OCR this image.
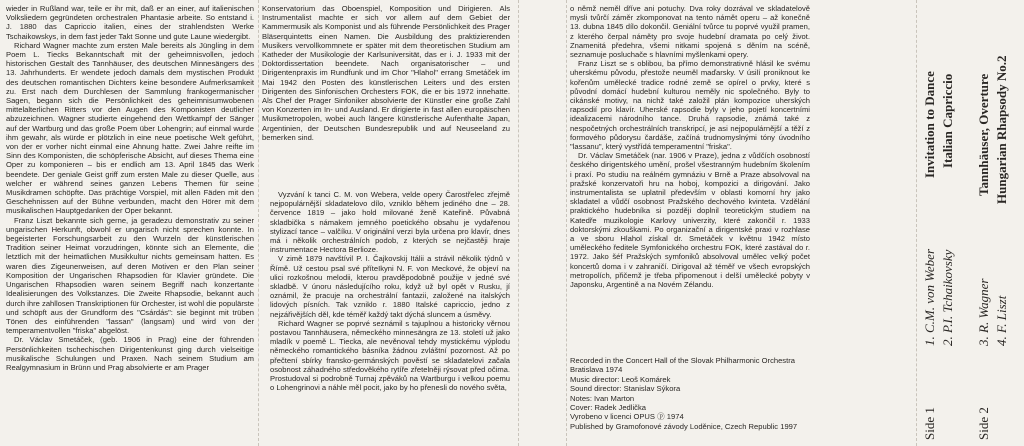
wieder in Rußland war, teile er ihr mit, daß er an einer, auf italienischen Volksliedern gegründeten orchestralen Phantasie arbeite. So entstand i. J. 1880 das Capriccio italien, eines der strahlendsten Werke Tschaikowskys, in dem fast jeder Takt Sonne und gute Laune wiedergibt.

Richard Wagner machte zum ersten Male bereits als Jüngling in dem Poem L. Tiecks Bekanntschaft mit der geheimnisvollen, jedoch historischen Gestalt des Tannhäuser, des deutschen Minnesängers des 13. Jahrhunderts. Er wendete jedoch damals dem mystischen Produkt des deutschen romantischen Dichters keine besondere Aufmerksamkeit zu. Erst nach dem Durchlesen der Sammlung frankogermanischer Sagen, begann sich die Persönlichkeit des geheimnisumwobenen mittelalterlichen Ritters vor den Augen des Komponisten deutlicher abzuzeichnen. Wagner studierte eingehend den Wettkampf der Sänger auf der Wartburg und das große Poem über Lohengrin; auf einmal wurde ihm gewahr, als würde er plötzlich in eine neue poetische Welt geführt, von der er vorher nicht einmal eine Ahnung hatte. Zwei Jahre reifte im Sinn des Komponisten, die schöpferische Absicht, auf dieses Thema eine Oper zu komponieren – bis er endlich am 13. April 1845 das Werk beendete. Der geniale Geist griff zum ersten Male zu dieser Quelle, aus welcher er während seines ganzen Lebens Themen für seine Musikdramen schöpfte. Das prächtige Vorspiel, mit allen Fäden mit den Geschehnissen auf der Bühne verbunden, macht den Hörer mit dem musikalischen Hauptgedanken der Oper bekannt.

Franz Liszt bekannte sich gerne, ja geradezu demonstrativ zu seiner ungarischen Herkunft, obwohl er ungarisch nicht sprechen konnte. In begeisterter Forschungsarbeit zu den Wurzeln der künstlerischen Tradition seiner Heimat vorzudringen, könnte sich an Elemente, die letztlich mit der heimatlichen Musikkultur nichts gemeinsam hatten. Es waren dies Zigeunerweisen, auf deren Motiven er den Plan seiner Komposition der Ungarischen Rhapsodien für Klavier gründete. Die Ungarischen Rhapsodien waren seinem Begriff nach konzertante Idealisierungen des Volkstanzes. Die Zweite Rhapsodie, bekannt auch durch ihre zahllosen Transkriptionen für Orchester, ist wohl die populärste und schöpft aus der Grundform des "Csárdás": sie beginnt mit trüben Tönen des einführenden "lassan" (langsam) und wird von der temperamentvollen "friska" abgelöst.

Dr. Václav Smetáček, (geb. 1906 in Prag) eine der führenden Persönlichkeiten tschechischen Dirigentenkunst ging durch vielseitige musikalische Schulungen und Praxen. Nach seinem Studium am Realgymnasium in Brünn und Prag absolvierte er am Prager

Konservatorium das Oboenspiel, Komposition und Dirigieren. Als Instrumentalist machte er sich vor allem auf dem Gebiet der Kammermusik als Komponist und als führende Persönlichkeit des Prager Bläserquintetts einen Namen. Die Ausbildung des praktizierenden Musikers vervollkommnete er später mit dem theoretischen Studium am Katheder der Musikologie der Karlsuniversität, das er i. J. 1933 mit der Doktordissertation beendete. Nach organisatorischer – und Dirigentenpraxis im Rundfunk und im Chor "Hlahol" errang Smetáček im Mai 1942 den Posten des künstlerischen Leiters und des ersten Dirigenten des Sinfonischen Orchesters FOK, die er bis 1972 innehatte. Als Chef der Prager Sinfoniker absolvierte der Künstler eine große Zahl von Konzerten im In- und Ausland. Er dirigierte in fast allen europäischen Musikmetropolen, wobei auch längere künstlerische Aufenthalte Japan, Argentinien, der Deutschen Bundesrepublik und auf Neuseeland zu bemerken sind.

Vyzvání k tanci C. M. von Webera, velde opery Čarostřelec zřejmě nejpopulárnější skladatelovo dílo, vzniklo během jediného dne – 28. července 1819 – jako hold milované ženě Kateřině. Půvabná skladbička s námakem jemného poetického obsahu je vydařenou stylizací tance – valčíku. V originální verzi byla určena pro klavír, dnes má i několik orchestrálních podob, z kterých se nejčastěji hraje instrumentace Hectora Berlioze.

V zimě 1879 navštívil P. I. Čajkovskij Itálii a strávil několik týdnů v Římě. Už cestou psal své příteIkyni N. F. von Meckové, že objeví na ulici rozkošnou melodii, kterou pravděpodobně použije v jedné své skladbě. V únoru následujícího roku, když už byl opět v Rusku, jí oznámil, že pracuje na orchestrální fantazii, založené na italských lidových písních. Tak vzniklo r. 1880 Italské capriccio, jedno z nejzářivějších děl, kde téměř každý takt dýchá sluncem a úsměvy.

Richard Wagner se poprvé seznámil s tajuplnou a historicky věrnou postavou Tannhäusera, německého minnesängra ze 13. století už jako mladík v poemě L. Tiecka, ale nevěnoval tehdy mystickému výplodu německého romantického básníka žádnou zvláštní pozornost. Až po přečtení sbírky fransko-germánských pověstí se skladatelovi začala osobnost záhadného středověkého rytíře zřetelněji rýsovat před očima. Prostudoval si podrobně Turnaj zpěváků na Wartburgu i velkou poemu o Lohengrinovi a náhle měl pocit, jako by ho přenesli do nového světa,

o němž neměl dříve ani potuchy. Dva roky dozrával ve skladatelově mysli tvůrčí záměr zkomponovat na tento námět operu – až konečně 13. dubna 1845 dílo dokončil. Geniální tvůrce tu poprvé využil pramen, z kterého čerpal náměty pro svoje hudební dramata po celý život. Znamenitá předehra, všemi nitkami spojená s děním na scéně, seznamuje posluchače s hlavními myšlenkami opery.

Franz Liszt se s oblibou, ba přímo demonstrativně hlásil ke svému uherskému původu, přestože neuměl maďarsky. V úsilí proniknout ke kořenům umělecké tradice rodné země se opírel o prvky, které s původní domácí hudební kulturou neměly nic společného. Byly to cikánské motivy, na nichž také založil plán kompozice uherských rapsodií pro klavír. Uherské rapsodie byly v jeho pojetí koncertními idealizacemi národního tance. Druhá rapsodie, známá také z nespočetných orchestrálních transkripcí, je asi nejpopulárnější a těží z formového půdorysu čardáše, začíná trudnomyslnými tóny úvodního "lassanu", který vystřídá temperamentní "friska".

Dr. Václav Smetáček (nar. 1906 v Praze), jedna z vůdčích osobností českého dirigentského umění, prošel všestranným hudebním školením i praxí. Po studiu na reálném gymnáziu v Brně a Praze absolvoval na pražské konzervatoři hru na hoboj, kompozici a dirigování. Jako instrumentalista se uplatnil především v oblasti komorní hry jako skladatel a vůdčí osobnost Pražského dechového kvinteta. Vzdělání praktického hudebníka si později doplnil teoretickým studiem na Katedře muzikologie Karlovy univerzity, které zakončil r. 1933 doktorskými zkouškami. Po organizační a dirigentské praxi v rozhlase a ve sboru Hlahol získal dr. Smetáček v květnu 1942 místo uměleckého ředitele Symfonického orchestru FOK, které zastával do r. 1972. Jako šéf Pražských symfoniků absolvoval umělec velký počet koncertů doma i v zahraničí. Dirigoval až téměř ve všech evropských metropolích, přičemž je třeba připomenout i delší umělecké pobyty v Japonsku, Argentině a na Novém Zélandu.

Recorded in the Concert Hall of the Slovak Philharmonic Orchestra
Bratislava 1974
Music director: Leoš Komárek
Sound director: Stanislav Sýkora
Notes: Ivan Marton
Cover: Radek Jedlička
Vyrobeno v licenci OPUS ⓟ 1974
Published by Gramofonové závody Loděnice, Czech Republic 1997	Side 1
1. C.M. von Weber
2. P.I. Tchaikovsky
Invitation to Dance Italian Capriccio
Side 2
3. R. Wagner
4. F. Liszt
Tannhäuser, Overture Hungarian Rhapsody No.2
